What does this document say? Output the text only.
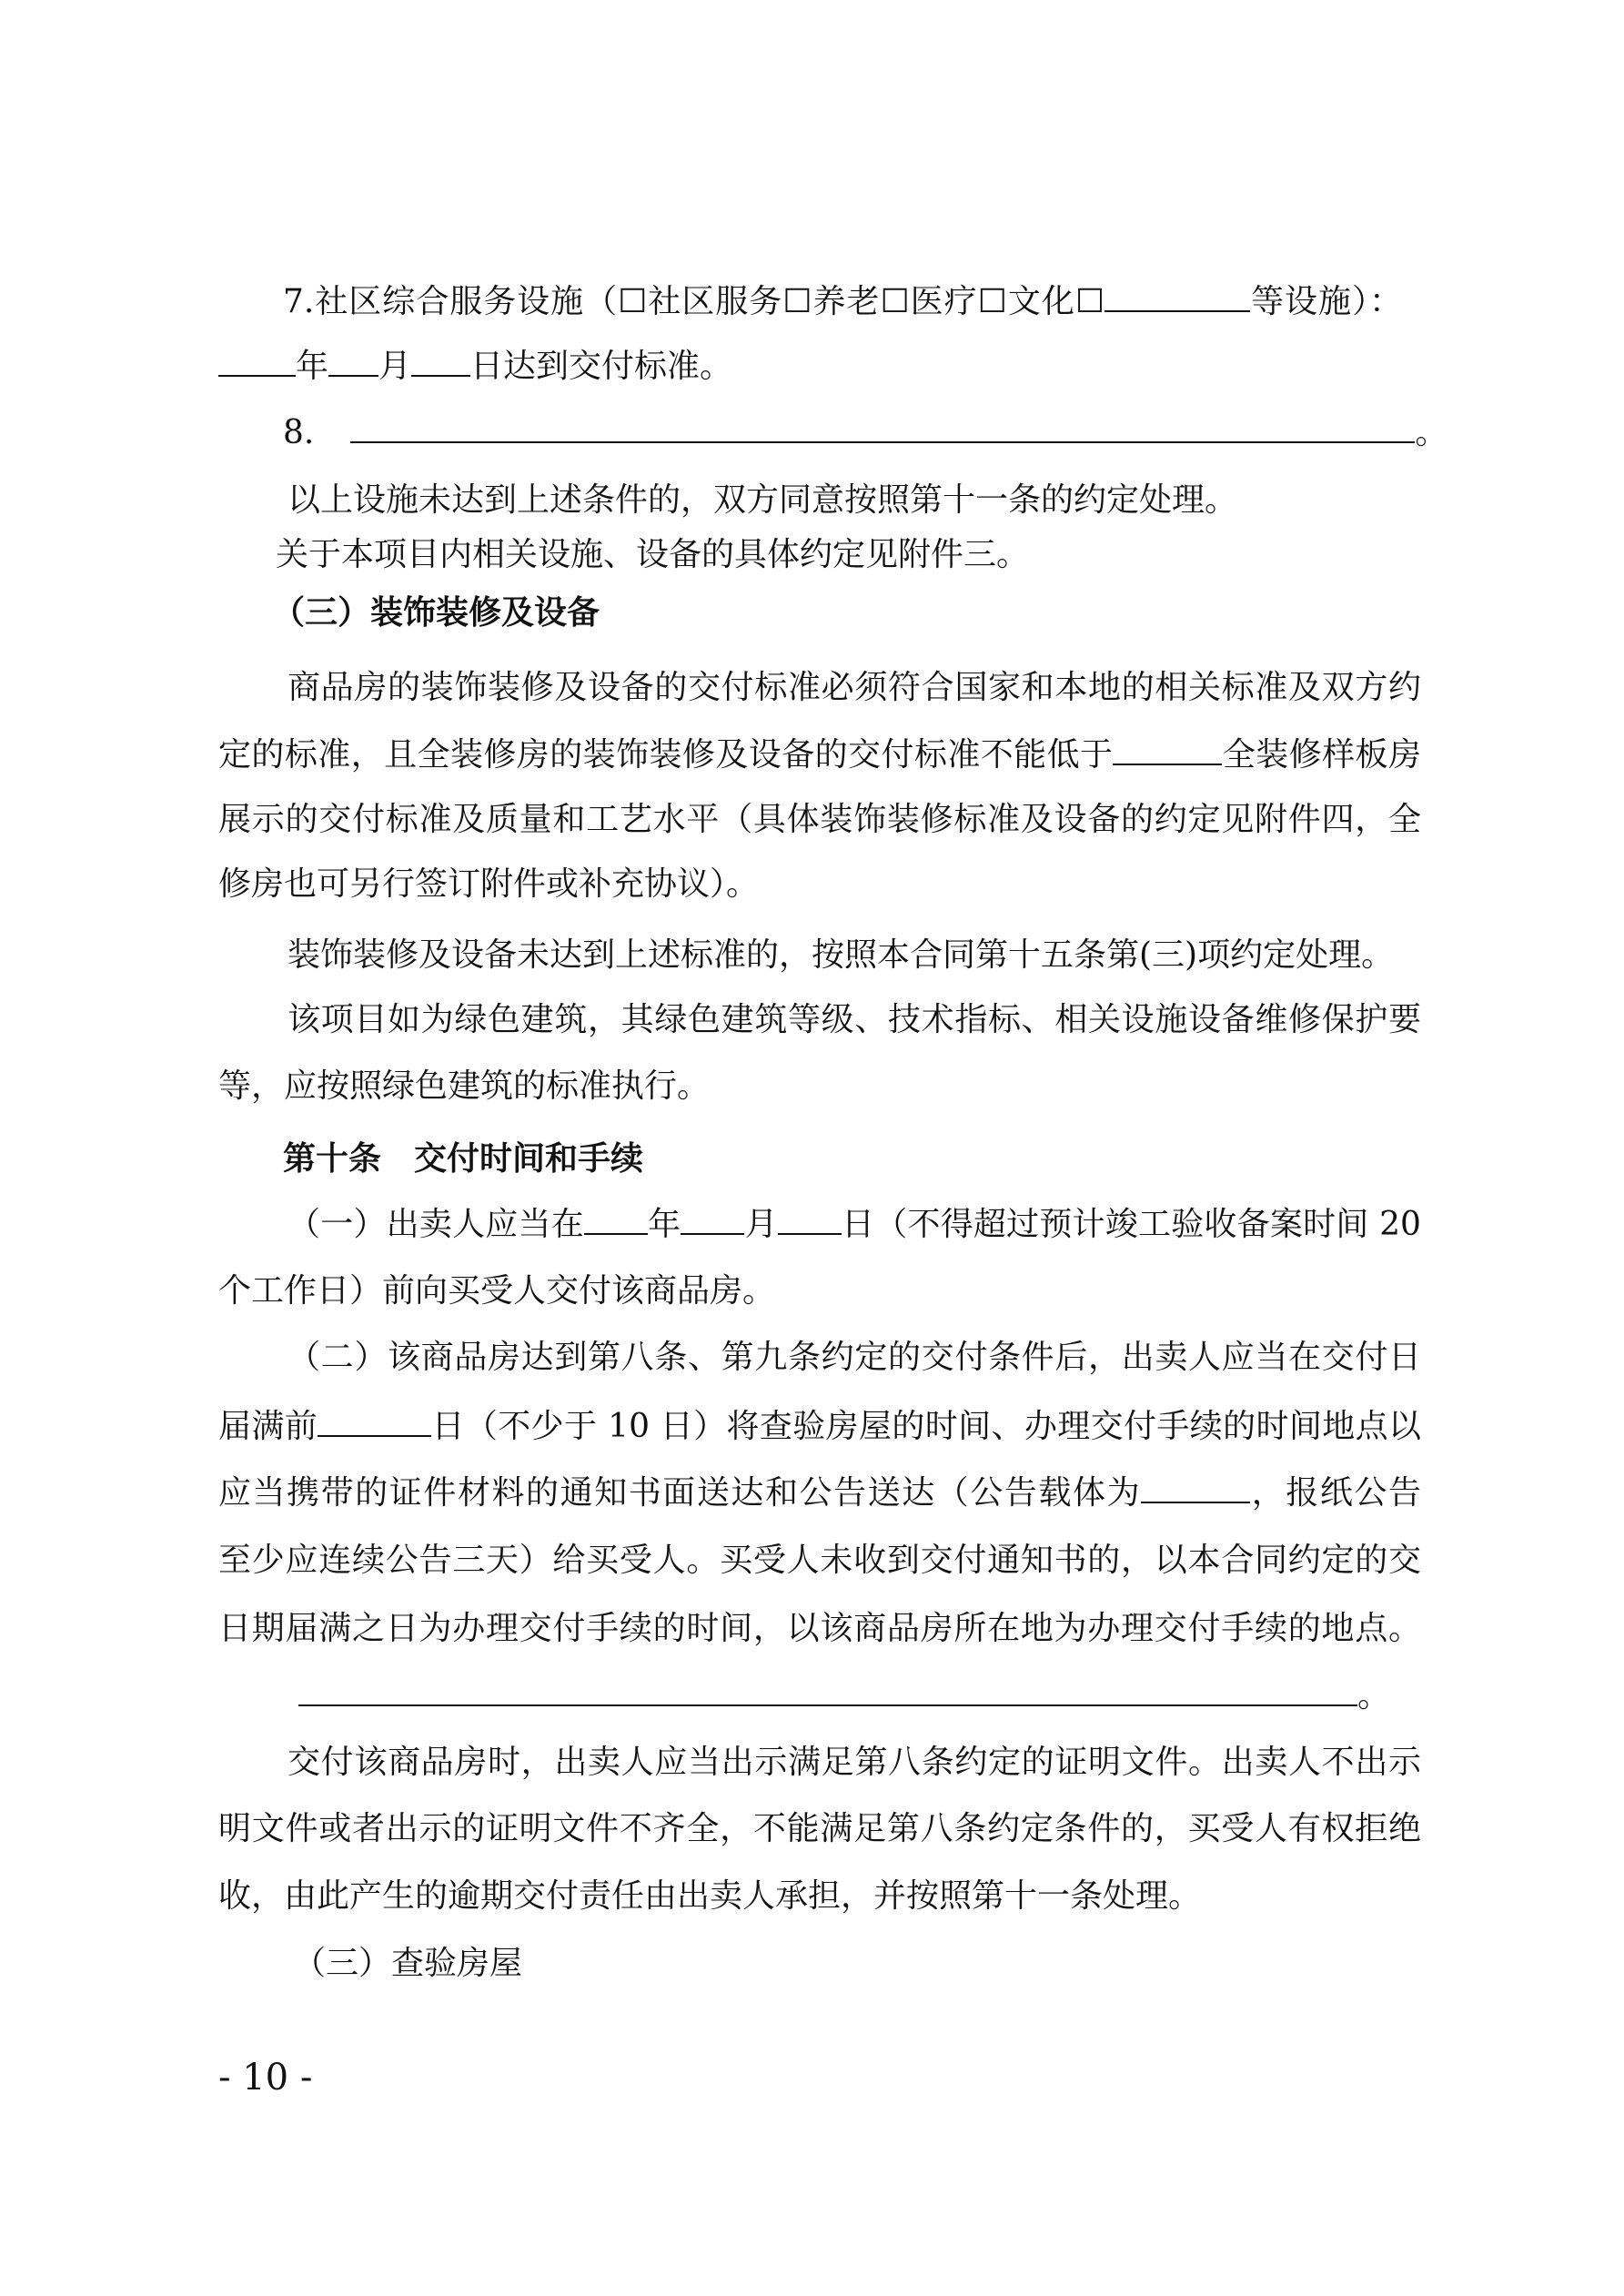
7.社区综合服务设施（☐社区服务☐养老☐医疗☐文化☐	等设施）：
年 月 日达到交付标准。
8.	。
以上设施未达到上述条件的，双方同意按照第十一条的约定处理。
关于本项目内相关设施、设备的具体约定见附件三。
（三）装饰装修及设备
商品房的装饰装修及设备的交付标准必须符合国家和本地的相关标准及双方约
定的标准，且全装修房的装饰装修及设备的交付标准不能低于	全装修样板房
展示的交付标准及质量和工艺水平（具体装饰装修标准及设备的约定见附件四，全
修房也可另行签订附件或补充协议）。
装饰装修及设备未达到上述标准的，按照本合同第十五条第(三)项约定处理。
该项目如为绿色建筑，其绿色建筑等级、技术指标、相关设施设备维修保护要
等，应按照绿色建筑的标准执行。
第十条　交付时间和手续
（一）出卖人应当在 年 月 日（不得超过预计竣工验收备案时间 20
个工作日）前向买受人交付该商品房。
（二）该商品房达到第八条、第九条约定的交付条件后，出卖人应当在交付日
届满前	日（不少于 10 日）将查验房屋的时间、办理交付手续的时间地点以
应当携带的证件材料的通知书面送达和公告送达（公告载体为	，报纸公告
至少应连续公告三天）给买受人。买受人未收到交付通知书的，以本合同约定的交
日期届满之日为办理交付手续的时间，以该商品房所在地为办理交付手续的地点。
。
交付该商品房时，出卖人应当出示满足第八条约定的证明文件。出卖人不出示
明文件或者出示的证明文件不齐全，不能满足第八条约定条件的，买受人有权拒绝
收，由此产生的逾期交付责任由出卖人承担，并按照第十一条处理。
（三）查验房屋
- 10 -
